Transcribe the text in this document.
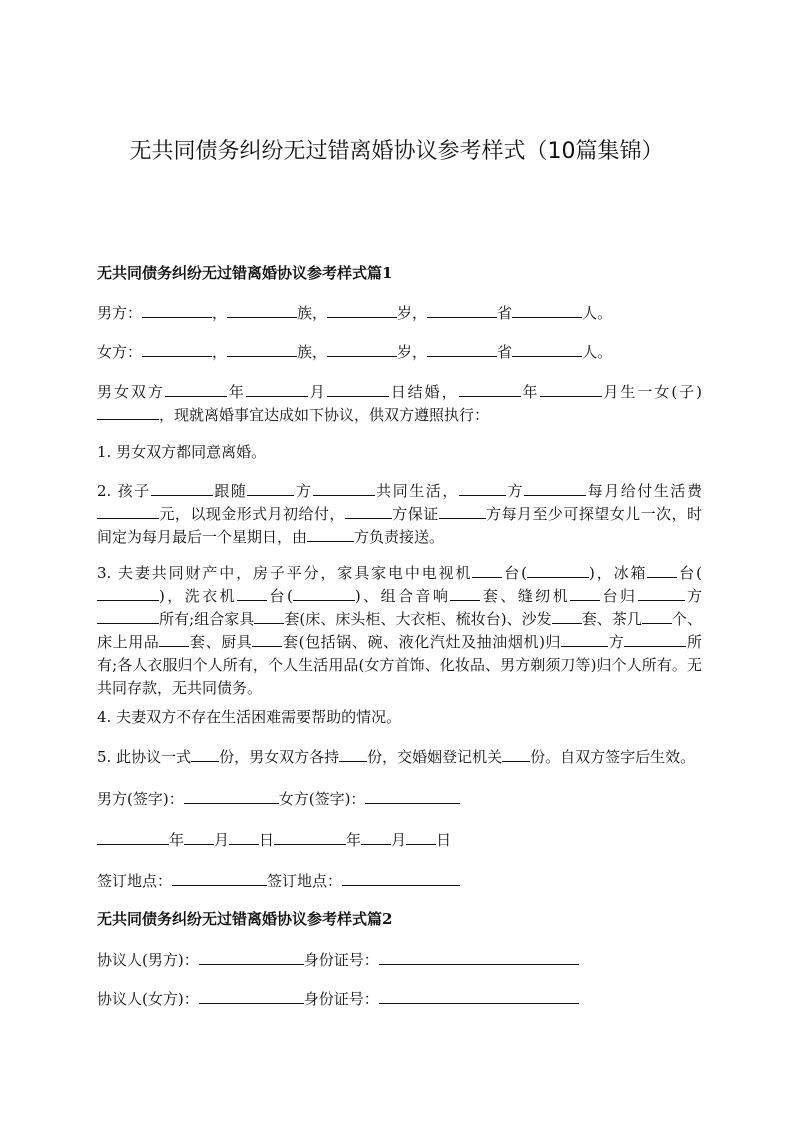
无共同债务纠纷无过错离婚协议参考样式（10篇集锦）
无共同债务纠纷无过错离婚协议参考样式篇1

男方：	，	族，	岁，	省	人。

女方：	，	族，	岁，	省	人。

男女双方	年	月	日结婚，	年	月生一女(子)，现就离婚事宜达成如下协议，供双方遵照执行：

1. 男女双方都同意离婚。

2. 孩子	跟随	方	共同生活，	方	每月给付生活费元，以现金形式月初给付，	方保证	方每月至少可探望女儿一次，时间定为每月最后一个星期日，由	方负责接送。

3. 夫妻共同财产中，房子平分，家具家电中电视机 台(	)，冰箱 台()，洗衣机 台(	)、组合音响 套、缝纫机 台归	方所有;组合家具 套(床、床头柜、大衣柜、梳妆台)、沙发 套、茶几 个、床上用品 套、厨具 套(包括锅、碗、液化汽灶及抽油烟机)归	方	所有;各人衣服归个人所有，个人生活用品(女方首饰、化妆品、男方剃须刀等)归个人所有。无共同存款，无共同债务。

4. 夫妻双方不存在生活困难需要帮助的情况。

5. 此协议一式 份，男女双方各持 份，交婚姻登记机关 份。自双方签字后生效。

男方(签字)：	女方(签字)：

年 月 日	年 月 日

签订地点：	签订地点：

无共同债务纠纷无过错离婚协议参考样式篇2

协议人(男方)：	身份证号：

协议人(女方)：	身份证号：
